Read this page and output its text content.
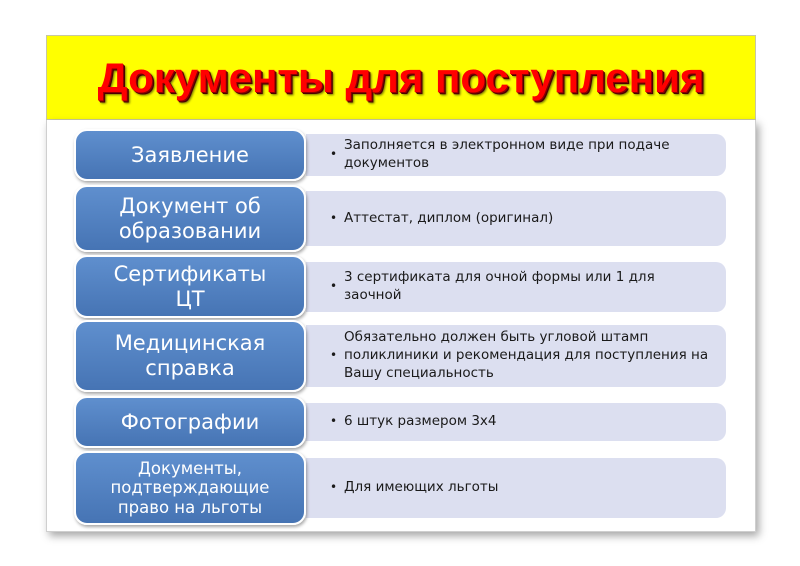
Документы для поступления
•
Заполняется в электронном виде при подаче документов
Заявление
• Аттестат, диплом (оригинал)
Документ об образовании
•
3 сертификата для очной формы или 1 для заочной
Сертификаты ЦТ
•
Обязательно должен быть угловой штамп поликлиники и рекомендация для поступления на Вашу специальность
Медицинская справка
• 6 штук размером 3х4
Фотографии
• Для имеющих льготы
Документы, подтверждающие право на льготы
